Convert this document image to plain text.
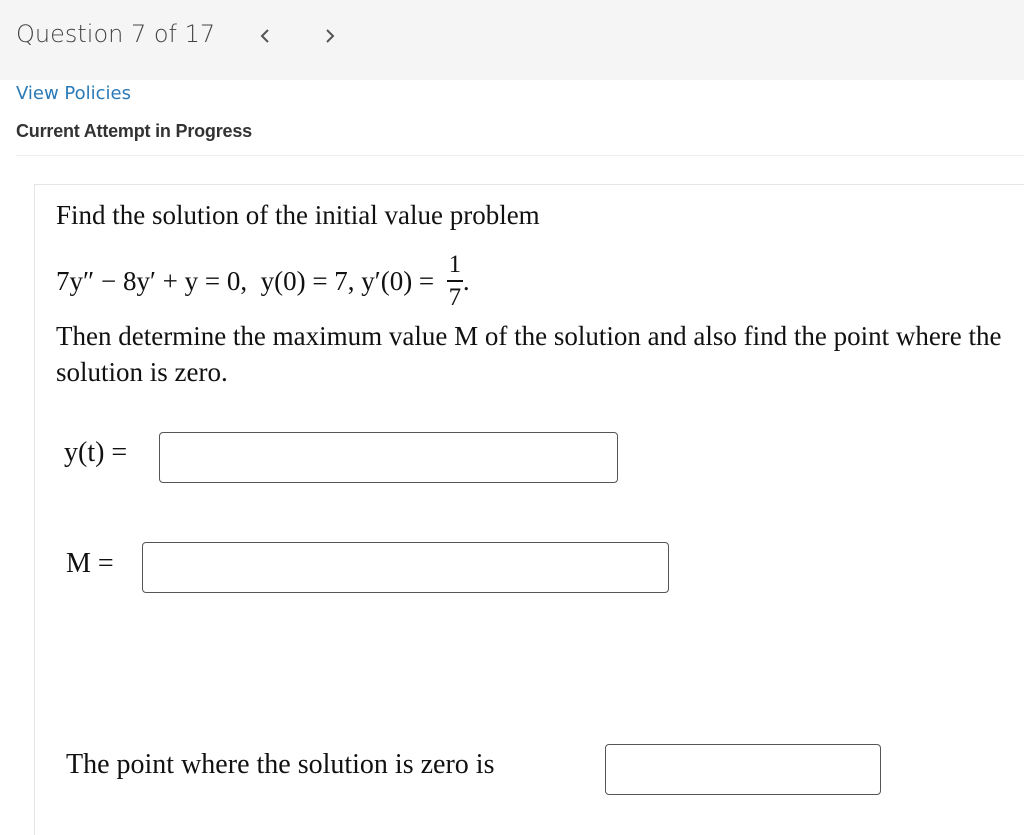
Question 7 of 17
View Policies
Current Attempt in Progress
Find the solution of the initial value problem
7y″ − 8y′ + y = 0,  y(0) = 7, $y'(0) = \frac{1}{7}$ .
Then determine the maximum value M of the solution and also find the point where the solution is zero.
y(t) =
M =
The point where the solution is zero is
